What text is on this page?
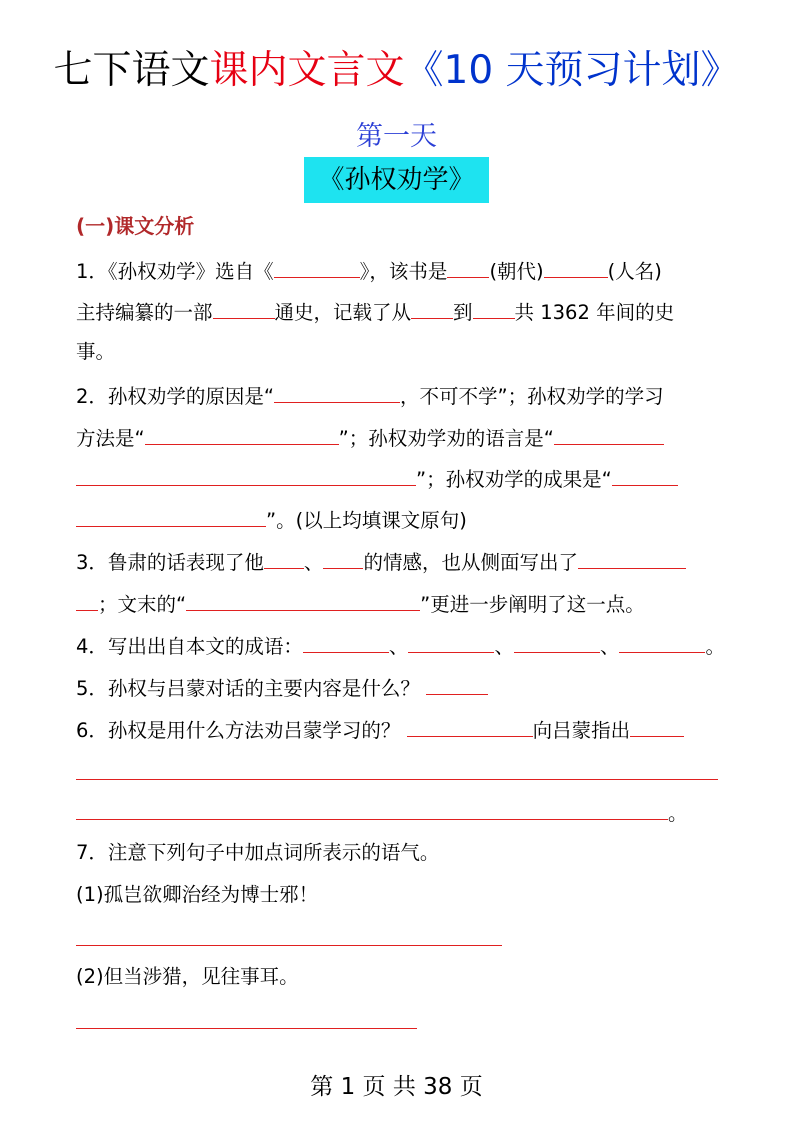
七下语文课内文言文《10 天预习计划》
第一天
《孙权劝学》
(一)课文分析
1．《孙权劝学》选自《	》，该书是 (朝代)	(人名)
主持编纂的一部	通史，记载了从 到 共 1362 年间的史
事。
2．孙权劝学的原因是“	，不可不学”；孙权劝学的学习
方法是“	”；孙权劝学劝的语言是“
”；孙权劝学的成果是“
”。(以上均填课文原句)
3．鲁肃的话表现了他 、 的情感，也从侧面写出了
；文末的“	”更进一步阐明了这一点。
4．写出出自本文的成语：	、	、	、	。
5．孙权与吕蒙对话的主要内容是什么？
6．孙权是用什么方法劝吕蒙学习的？	向吕蒙指出
。
7．注意下列句子中加点词所表示的语气。
(1)孤岂欲卿治经为博士邪！
(2)但当涉猎，见往事耳。
第 1 页 共 38 页
